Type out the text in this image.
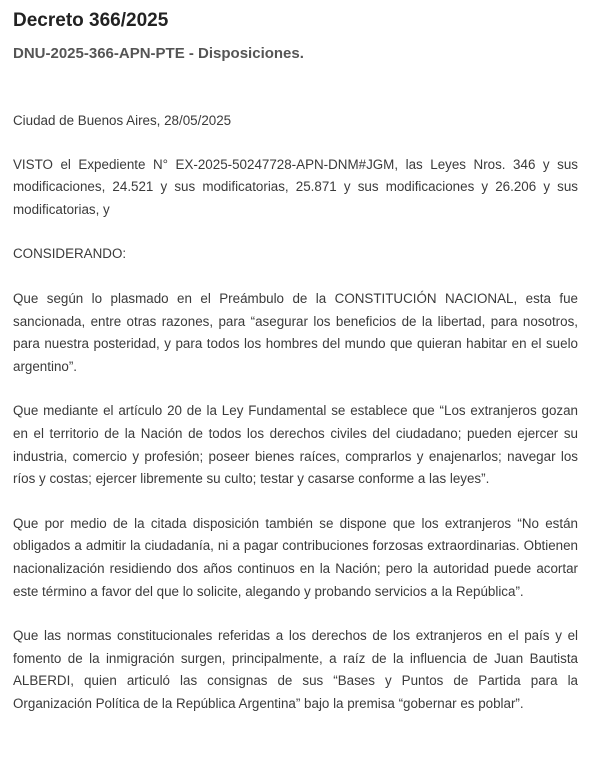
Decreto 366/2025
DNU-2025-366-APN-PTE - Disposiciones.

Ciudad de Buenos Aires, 28/05/2025

VISTO el Expediente N° EX-2025-50247728-APN-DNM#JGM, las Leyes Nros. 346 y sus modificaciones, 24.521 y sus modificatorias, 25.871 y sus modificaciones y 26.206 y sus modificatorias, y

CONSIDERANDO:

Que según lo plasmado en el Preámbulo de la CONSTITUCIÓN NACIONAL, esta fue sancionada, entre otras razones, para “asegurar los beneficios de la libertad, para nosotros, para nuestra posteridad, y para todos los hombres del mundo que quieran habitar en el suelo argentino”.

Que mediante el artículo 20 de la Ley Fundamental se establece que “Los extranjeros gozan en el territorio de la Nación de todos los derechos civiles del ciudadano; pueden ejercer su industria, comercio y profesión; poseer bienes raíces, comprarlos y enajenarlos; navegar los ríos y costas; ejercer libremente su culto; testar y casarse conforme a las leyes”.

Que por medio de la citada disposición también se dispone que los extranjeros “No están obligados a admitir la ciudadanía, ni a pagar contribuciones forzosas extraordinarias. Obtienen nacionalización residiendo dos años continuos en la Nación; pero la autoridad puede acortar este término a favor del que lo solicite, alegando y probando servicios a la República”.

Que las normas constitucionales referidas a los derechos de los extranjeros en el país y el fomento de la inmigración surgen, principalmente, a raíz de la influencia de Juan Bautista ALBERDI, quien articuló las consignas de sus “Bases y Puntos de Partida para la Organización Política de la República Argentina” bajo la premisa “gobernar es poblar”.
